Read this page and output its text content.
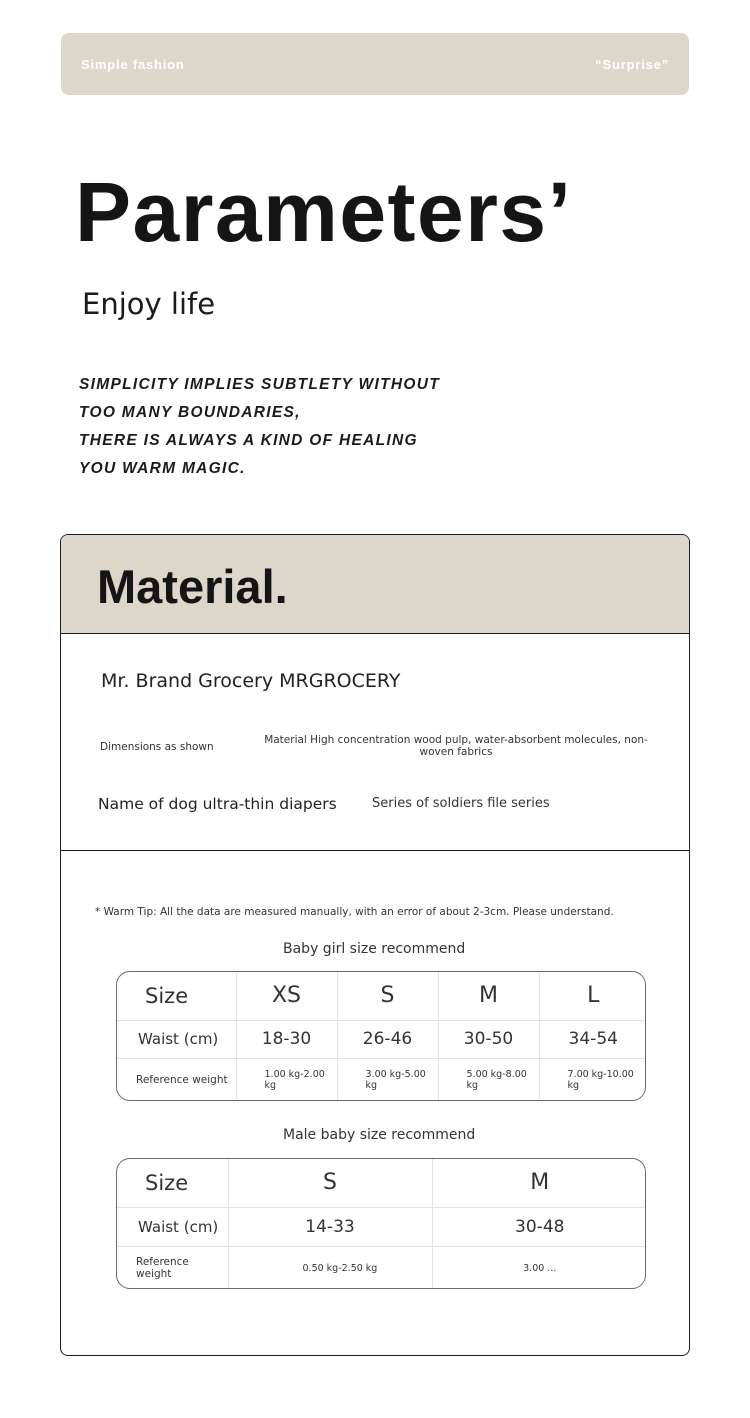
Simple fashion	“Surprise”
Parameters’
Enjoy life
SIMPLICITY IMPLIES SUBTLETY WITHOUT
TOO MANY BOUNDARIES,
THERE IS ALWAYS A KIND OF HEALING
YOU WARM MAGIC.
Material.
Mr. Brand Grocery MRGROCERY
Dimensions as shown
Material High concentration wood pulp, water-absorbent molecules, non-woven fabrics
Name of dog ultra-thin diapers	Series of soldiers file series
* Warm Tip: All the data are measured manually, with an error of about 2-3cm. Please understand.
Baby girl size recommend
Size	XS	S	M	L
Waist (cm)	18-30	26-46	30-50	34-54
Reference weight	1.00 kg-2.00 kg	3.00 kg-5.00 kg	5.00 kg-8.00 kg	7.00 kg-10.00 kg
Male baby size recommend
Size	S	M
Waist (cm)	14-33	30-48
Reference weight	0.50 kg-2.50 kg	3.00 ...
